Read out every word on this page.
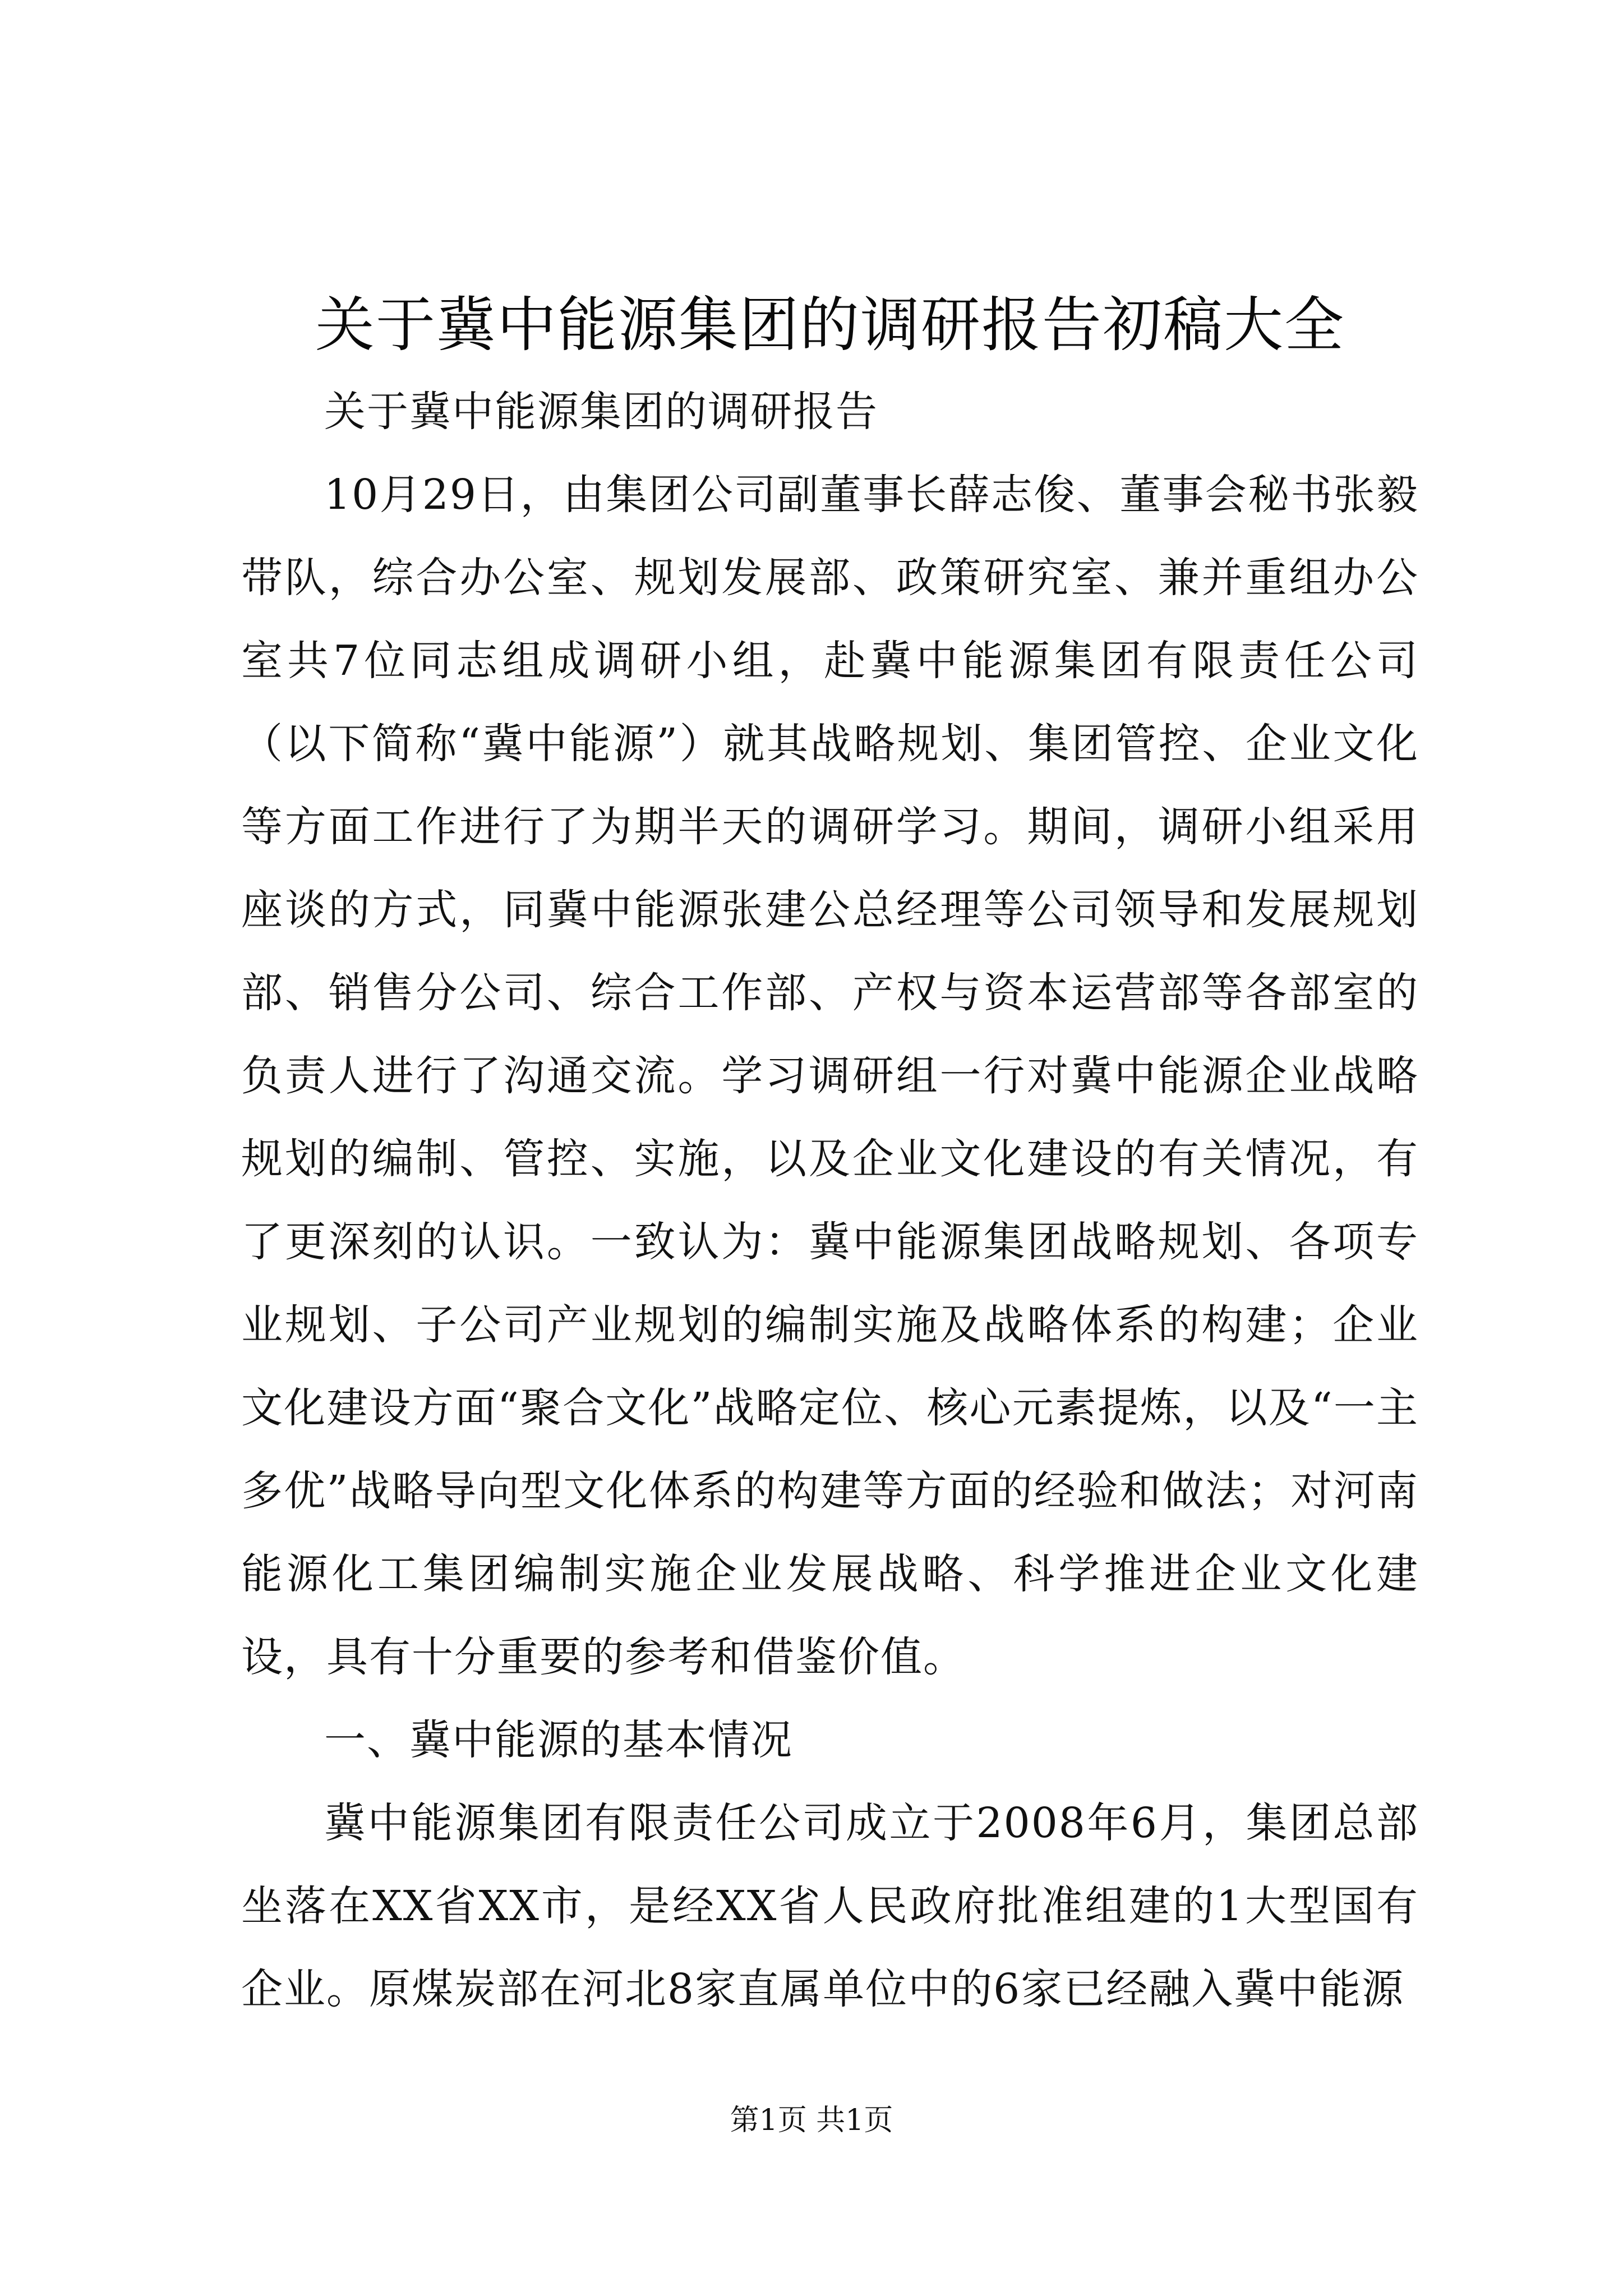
关于冀中能源集团的调研报告初稿大全

关于冀中能源集团的调研报告

10月29日，由集团公司副董事长薛志俊、董事会秘书张毅带队，综合办公室、规划发展部、政策研究室、兼并重组办公室共7位同志组成调研小组，赴冀中能源集团有限责任公司（以下简称“冀中能源”）就其战略规划、集团管控、企业文化等方面工作进行了为期半天的调研学习。期间，调研小组采用座谈的方式，同冀中能源张建公总经理等公司领导和发展规划部、销售分公司、综合工作部、产权与资本运营部等各部室的负责人进行了沟通交流。学习调研组一行对冀中能源企业战略规划的编制、管控、实施，以及企业文化建设的有关情况，有了更深刻的认识。一致认为：冀中能源集团战略规划、各项专业规划、子公司产业规划的编制实施及战略体系的构建；企业文化建设方面“聚合文化”战略定位、核心元素提炼，以及“一主多优”战略导向型文化体系的构建等方面的经验和做法；对河南能源化工集团编制实施企业发展战略、科学推进企业文化建设，具有十分重要的参考和借鉴价值。

一、冀中能源的基本情况

冀中能源集团有限责任公司成立于2008年6月，集团总部坐落在XX省XX市，是经XX省人民政府批准组建的1大型国有企业。原煤炭部在河北8家直属单位中的6家已经融入冀中能源

第1页 共1页
